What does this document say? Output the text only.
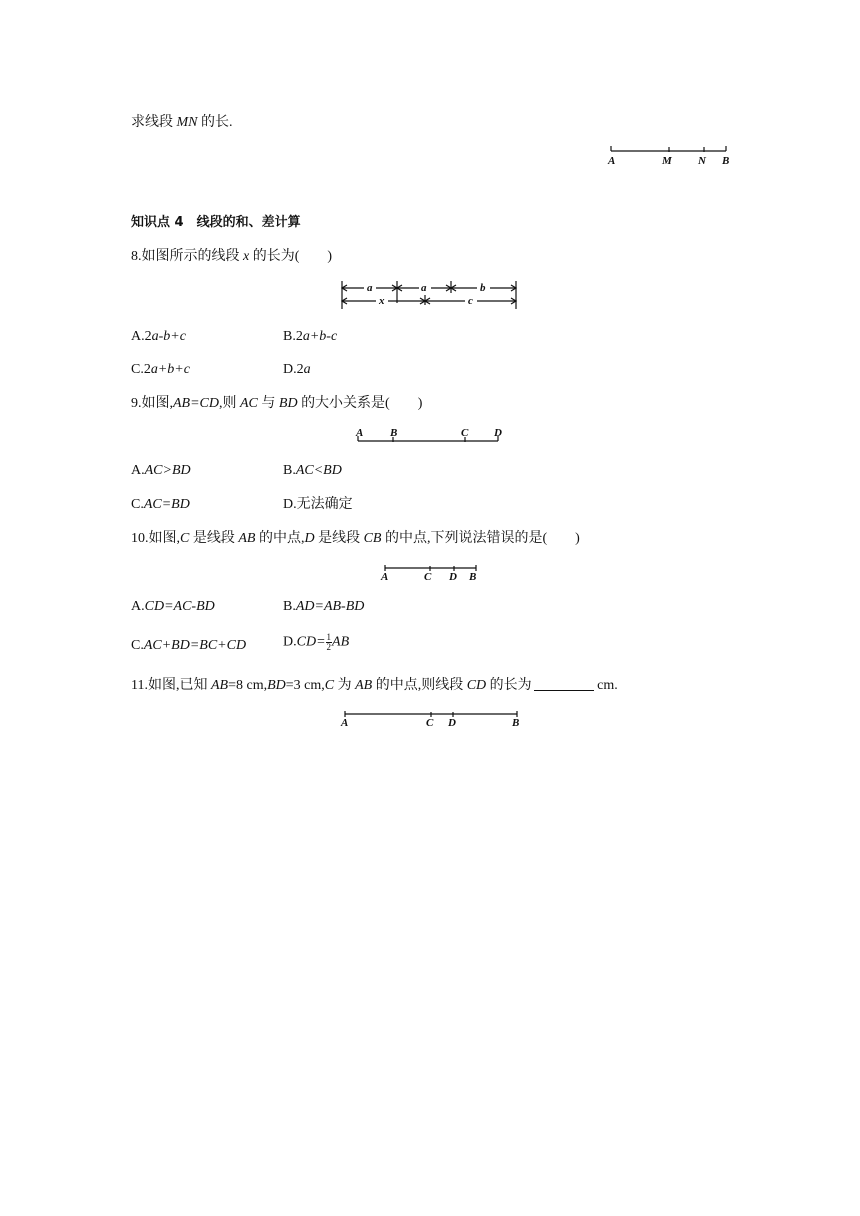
求线段 MN 的长.
A	M N B
知识点 4　线段的和、差计算
8.如图所示的线段 x 的长为(　　)
a	a	b
x	c
A.2a-b+c	B.2a+b-c
C.2a+b+c	D.2a
9.如图,AB=CD,则 AC 与 BD 的大小关系是(　　)
A B	C D
A.AC>BD	B.AC<BD
C.AC=BD	D.无法确定
10.如图,C 是线段 AB 的中点,D 是线段 CB 的中点,下列说法错误的是(　　)
A	C D B
A.CD=AC-BD	B.AD=AB-BD
C.AC+BD=BC+CD	$D.CD= \frac{1}{2}$ AB
11.如图,已知 AB=8 cm,BD=3 cm,C 为 AB 的中点,则线段 CD 的长为	cm.
A	C D	B
